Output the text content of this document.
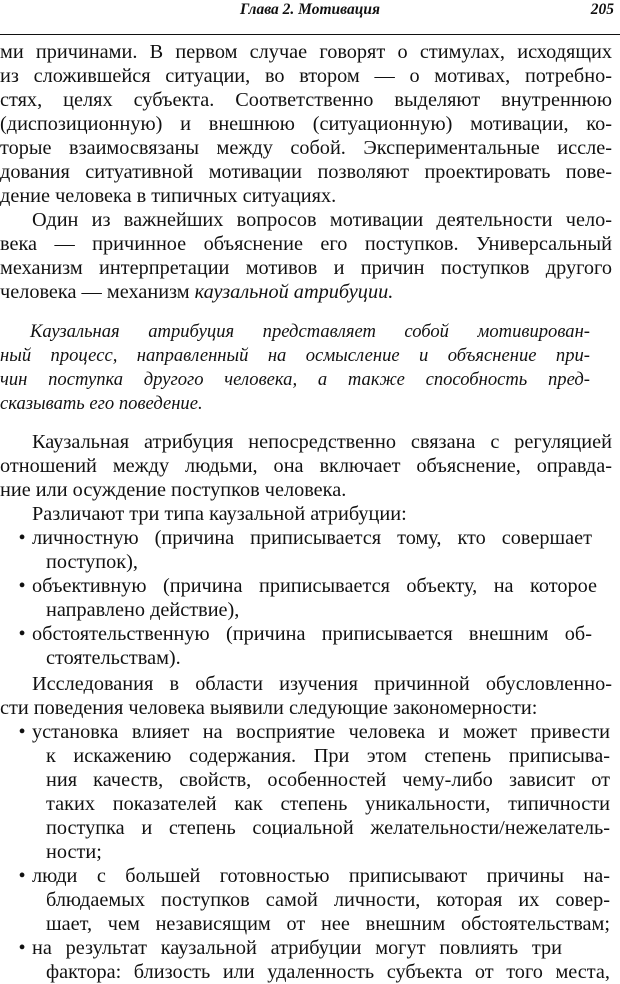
Глава 2. Мотивация	205
ми причинами. В первом случае говорят о стимулах, исходящих
из сложившейся ситуации, во втором — о мотивах, потребно-
стях, целях субъекта. Соответственно выделяют внутреннюю
(диспозиционную) и внешнюю (ситуационную) мотивации, ко-
торые взаимосвязаны между собой. Экспериментальные иссле-
дования ситуативной мотивации позволяют проектировать пове-
дение человека в типичных ситуациях.
Один из важнейших вопросов мотивации деятельности чело-
века — причинное объяснение его поступков. Универсальный
механизм интерпретации мотивов и причин поступков другого
человека — механизм каузальной атрибуции.
Каузальная атрибуция представляет собой мотивирован-
ный процесс, направленный на осмысление и объяснение при-
чин поступка другого человека, а также способность пред-
сказывать его поведение.
Каузальная атрибуция непосредственно связана с регуляцией
отношений между людьми, она включает объяснение, оправда-
ние или осуждение поступков человека.
Различают три типа каузальной атрибуции:
• личностную (причина приписывается тому, кто совершает
поступок),
• объективную (причина приписывается объекту, на которое
направлено действие),
• обстоятельственную (причина приписывается внешним об-
стоятельствам).
Исследования в области изучения причинной обусловленно-
сти поведения человека выявили следующие закономерности:
• установка влияет на восприятие человека и может привести
к искажению содержания. При этом степень приписыва-
ния качеств, свойств, особенностей чему-либо зависит от
таких показателей как степень уникальности, типичности
поступка и степень социальной желательности/нежелатель-
ности;
• люди с большей готовностью приписывают причины на-
блюдаемых поступков самой личности, которая их совер-
шает, чем независящим от нее внешним обстоятельствам;
• на результат каузальной атрибуции могут повлиять три
фактора: близость или удаленность субъекта от того места,
